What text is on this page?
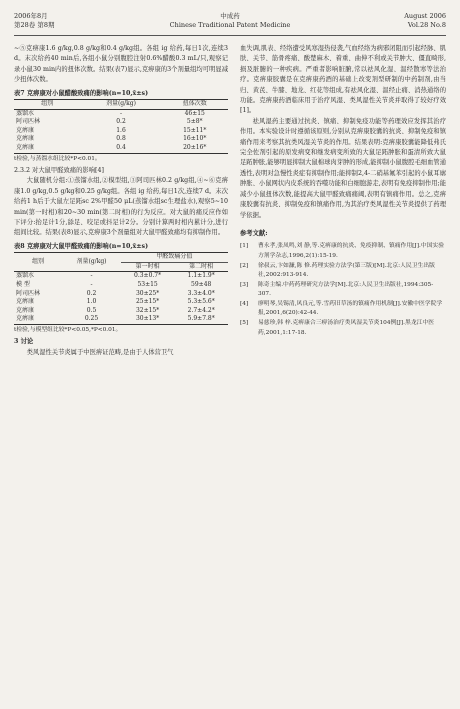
2006年8月
第28卷 第8期
中成药
Chinese Traditional Patent Medicine
August 2006
Vol.28 No.8

~⑤克痹康1.6 g/kg,0.8 g/kg和0.4 g/kg组。各组 ig 给药,每日1次,连续3 d。末次给药40 min后,各组小鼠分别腹腔注射0.6%醋酸0.3 mL/只,观察记录小鼠30 min内的扭体次数。结果(表7)显示,克痹康的3个剂量组均可明显减少扭体次数。

表7 克痹康对小鼠醋酸致痛的影响(n=10,x̄±s)
组别	剂量(g/kg)	扭体次数
蒸馏水	-	46±15
阿司匹林	0.2	5±8*
克痹康	1.6	15±11*
克痹康	0.8	16±10*
克痹康	0.4	20±16*
t检验,与蒸馏水组比较*P<0.01。
2.3.2 对大鼠甲醛致痛的影响[4]

大鼠随机分组:①蒸馏水组,②模型组,③阿司匹林0.2 g/kg组,④~⑥克痹康1.0 g/kg,0.5 g/kg和0.25 g/kg组。各组 ig 给药,每日1次,连续7 d。末次给药1 h后于大鼠左足跖sc 2%甲醛50 μL(蒸馏水组sc生理盐水),观察5~10 min(第一时相)和20~30 min(第二时相)的行为反应。对大鼠的痛反应作如下评分:抬足计1分,舔足、咬足或抖足计2分。分别计算两时相内累计分,进行组间比较。结果(表8)显示,克痹康3个剂量组对大鼠甲醛致痛均有抑制作用。

表8 克痹康对大鼠甲醛致痛的影响(n=10,x̄±s)
组别	剂量(g/kg)	甲醛致痛分值	
		第一时相	第二时相
蒸馏水	-	0.3±0.7*	1.1±1.9*
模 型	-	53±15	59±48
阿司匹林	0.2	30±25*	3.3±4.0*
克痹康	1.0	25±15*	5.3±5.6*
克痹康	0.5	32±15*	2.7±4.2*
克痹康	0.25	30±13*	5.9±7.8*
t检验,与模型组比较*P<0.05,*P<0.01。
3 讨论

类风湿性关节炎属于中医痹证范畴,是由于人体营卫气

血失调,肌表、经络遭受风寒湿热侵袭,气血经络为病邪闭阻而引起经脉、肌肤、关节、筋骨疼痛、酸楚麻木、着重、曲伸不利或关节肿大、僵直畸形,损及脏腑的一种疾病。严重者影响脏腑,常以祛风化湿、温经散寒等法治疗。克痹康胶囊是在克痹康药酒的基础上改变剂型研制的中药制剂,由当归、黄芪、牛膝、地龙、红花等组成,有祛风化湿、温经止痛、消热通络的功能。克痹康药酒临床用于治疗风湿、类风湿性关节炎并取得了较好疗效[1]。

祛风湿药主要通过抗炎、镇痛、抑制免疫功能等药理效应发挥其治疗作用。本实验设计时遵循该原则,分别从克痹康胶囊的抗炎、抑制免疫和镇痛作用来考察其抗类风湿关节炎的作用。结果表明:克痹康胶囊能降低弗氏完全佐剂引起的原发病变和继发病变所致的大鼠足跖肿胀和蛋清所致大鼠足跖肿胀,能够明显抑制大鼠棉球肉芽肿的形成,能抑制小鼠腹腔毛细血管通透性,表明对急慢性炎症有抑制作用;能抑制2,4-二硝基氟苯引起的小鼠耳廓肿胀、小鼠网状内皮系统的吞噬功能和白细胞游走,表明有免疫抑制作用;能减少小鼠扭体次数,能提高大鼠甲醛致痛痛阈,表明有镇痛作用。总之,克痹康胶囊有抗炎、抑制免疫和镇痛作用,为其治疗类风湿性关节炎提供了药理学依据。

参考文献:
[1]	曹永孝,张凤鸣,刘 静,等.克痹康的抗炎、免疫抑制、镇痛作用[J].中国实验方剂学杂志,1996,2(1):15-19.
[2]	徐叔云,卞如濂,陈 修.药理实验方法学(第三版)[M].北京:人民卫生出版社,2002:913-914.
[3]	陈奇主编.中药药理研究方法学[M].北京:人民卫生出版社,1994:305-307.
[4]	廖明琴,吴锡清,风良元,等.雪药旧草汤的镇痛作用机制[J].安徽中医学院学报,2001,6(20):42-44.
[5]	易慈珍,韩 梓.克痹康合三痹汤治疗类风湿关节炎104例[J].黑龙江中医药,2001,1:17-18.
